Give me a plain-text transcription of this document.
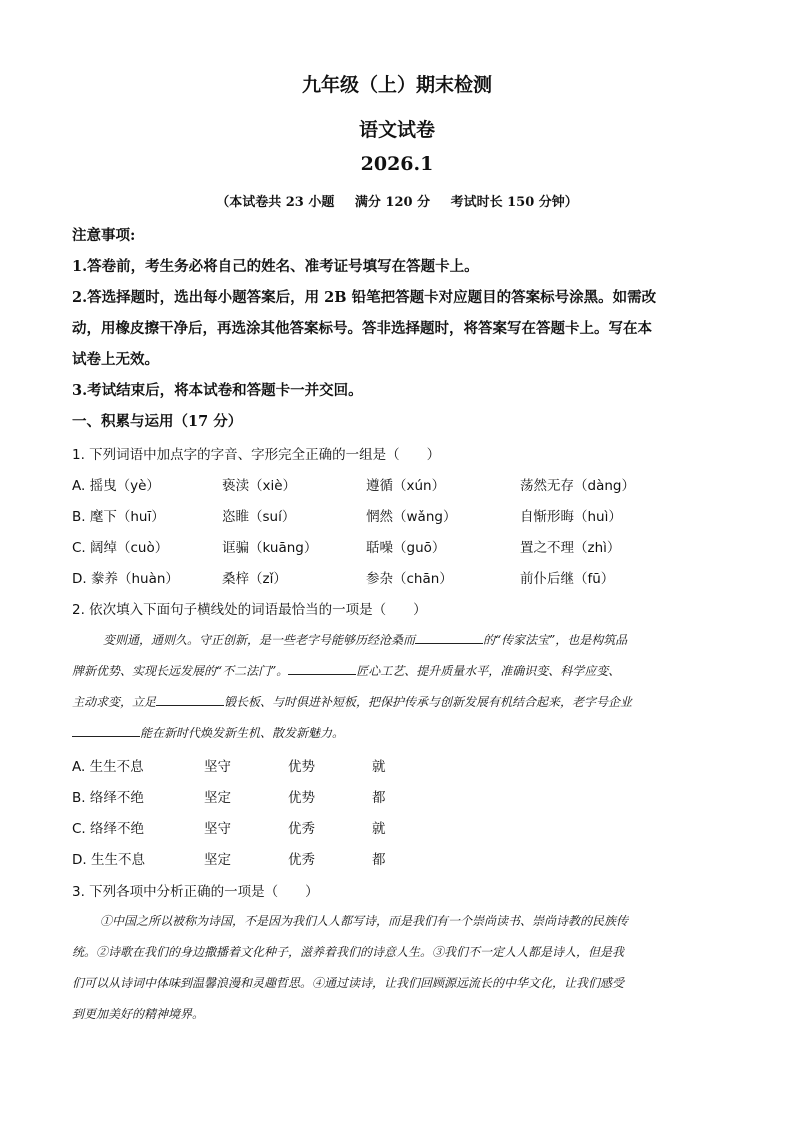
九年级（上）期末检测
语文试卷
2026.1
（本试卷共 23 小题 满分 120 分 考试时长 150 分钟）
注意事项:
1.答卷前，考生务必将自己的姓名、准考证号填写在答题卡上。
2.答选择题时，选出每小题答案后，用 2B 铅笔把答题卡对应题目的答案标号涂黑。如需改
动，用橡皮擦干净后，再选涂其他答案标号。答非选择题时，将答案写在答题卡上。写在本
试卷上无效。
3.考试结束后，将本试卷和答题卡一并交回。
一、积累与运用（17 分）
1. 下列词语中加点字的字音、字形完全正确的一组是（　　）
A. 摇曳（yè）	亵渎（xiè）	遵循（xún）	荡然无存（dàng）
B. 麾下（huī）	恣睢（suí）	惘然（wǎng）	自惭形晦（huì）
C. 阔绰（cuò）	诓骗（kuāng）	聒噪（guō）	置之不理（zhì）
D. 豢养（huàn）	桑梓（zǐ）	参杂（chān）	前仆后继（fū）
2. 依次填入下面句子横线处的词语最恰当的一项是（　　）
变则通，通则久。守正创新，是一些老字号能够历经沧桑而	的“传家法宝”，也是构筑品
牌新优势、实现长远发展的“不二法门”。	匠心工艺、提升质量水平，准确识变、科学应变、
主动求变，立足	锻长板、与时俱进补短板，把保护传承与创新发展有机结合起来，老字号企业
能在新时代焕发新生机、散发新魅力。
A. 生生不息	坚守	优势	就
B. 络绎不绝	坚定	优势	都
C. 络绎不绝	坚守	优秀	就
D. 生生不息	坚定	优秀	都
3. 下列各项中分析正确的一项是（　　）
①中国之所以被称为诗国，不是因为我们人人都写诗，而是我们有一个崇尚读书、崇尚诗教的民族传
统。②诗歌在我们的身边撒播着文化种子，滋养着我们的诗意人生。③我们不一定人人都是诗人，但是我
们可以从诗词中体味到温馨浪漫和灵趣哲思。④通过读诗，让我们回顾源远流长的中华文化，让我们感受
到更加美好的精神境界。
